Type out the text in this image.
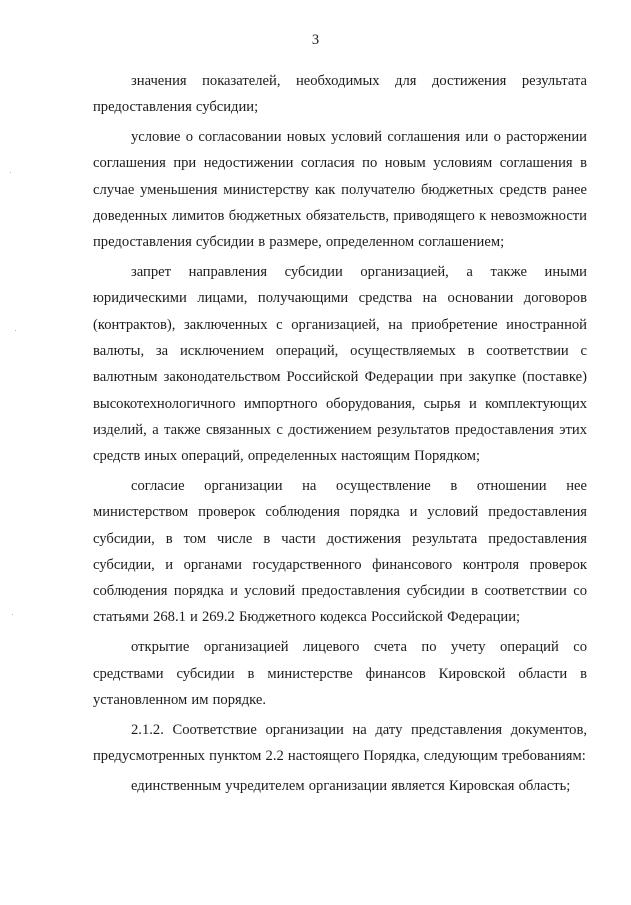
3

значения показателей, необходимых для достижения результата предоставления субсидии;

условие о согласовании новых условий соглашения или о расторжении соглашения при недостижении согласия по новым условиям соглашения в случае уменьшения министерству как получателю бюджетных средств ранее доведенных лимитов бюджетных обязательств, приводящего к невозможности предоставления субсидии в размере, определенном соглашением;

запрет направления субсидии организацией, а также иными юридическими лицами, получающими средства на основании договоров (контрактов), заключенных с организацией, на приобретение иностранной валюты, за исключением операций, осуществляемых в соответствии с валютным законодательством Российской Федерации при закупке (поставке) высокотехнологичного импортного оборудования, сырья и комплектующих изделий, а также связанных с достижением результатов предоставления этих средств иных операций, определенных настоящим Порядком;

согласие организации на осуществление в отношении нее министерством проверок соблюдения порядка и условий предоставления субсидии, в том числе в части достижения результата предоставления субсидии, и органами государственного финансового контроля проверок соблюдения порядка и условий предоставления субсидии в соответствии со статьями 268.1 и 269.2 Бюджетного кодекса Российской Федерации;

открытие организацией лицевого счета по учету операций со средствами субсидии в министерстве финансов Кировской области в установленном им порядке.

2.1.2. Соответствие организации на дату представления документов, предусмотренных пунктом 2.2 настоящего Порядка, следующим требованиям:

единственным учредителем организации является Кировская область;
